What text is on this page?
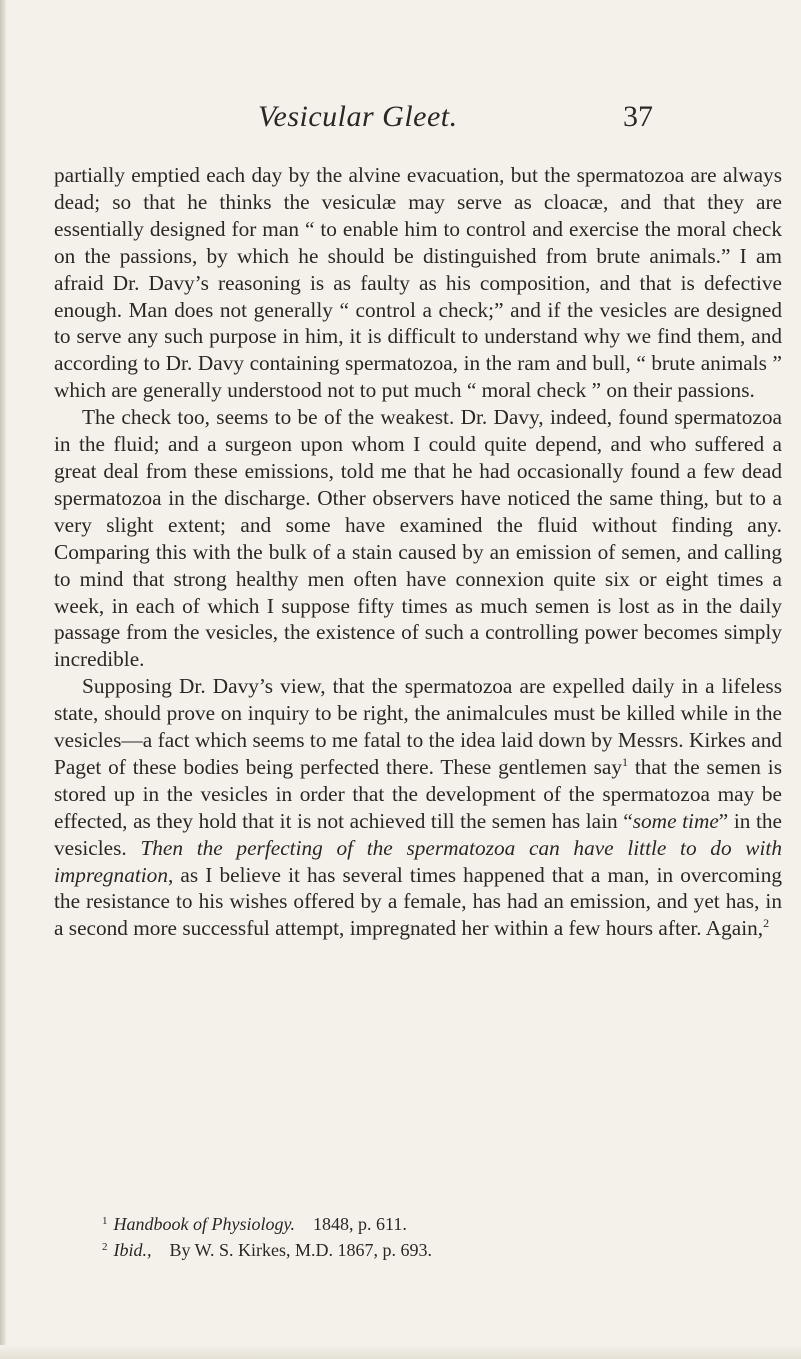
Vesicular Gleet.	37

partially emptied each day by the alvine evacuation, but the spermatozoa are always dead; so that he thinks the vesiculæ may serve as cloacæ, and that they are essentially designed for man “ to enable him to control and exercise the moral check on the passions, by which he should be distinguished from brute animals.” I am afraid Dr. Davy’s reasoning is as faulty as his composition, and that is defective enough. Man does not generally “ control a check;” and if the vesicles are designed to serve any such purpose in him, it is difficult to understand why we find them, and according to Dr. Davy containing spermatozoa, in the ram and bull, “ brute animals ” which are generally understood not to put much “ moral check ” on their passions.

The check too, seems to be of the weakest. Dr. Davy, indeed, found spermatozoa in the fluid; and a surgeon upon whom I could quite depend, and who suffered a great deal from these emissions, told me that he had occasionally found a few dead spermatozoa in the discharge. Other observers have noticed the same thing, but to a very slight extent; and some have examined the fluid without finding any. Comparing this with the bulk of a stain caused by an emission of semen, and calling to mind that strong healthy men often have connexion quite six or eight times a week, in each of which I suppose fifty times as much semen is lost as in the daily passage from the vesicles, the existence of such a controlling power becomes simply incredible.

Supposing Dr. Davy’s view, that the spermatozoa are expelled daily in a lifeless state, should prove on inquiry to be right, the animalcules must be killed while in the vesicles—a fact which seems to me fatal to the idea laid down by Messrs. Kirkes and Paget of these bodies being perfected there. These gentlemen say$^1$ that the semen is stored up in the vesicles in order that the development of the spermatozoa may be effected, as they hold that it is not achieved till the semen has lain “some time” in the vesicles. Then the perfecting of the spermatozoa can have little to do with impregnation, as I believe it has several times happened that a man, in overcoming the resistance to his wishes offered by a female, has had an emission, and yet has, in a second more successful attempt, impregnated her within a few hours after. Again,$^2$

$^1$ Handbook of Physiology.  1848, p. 611.

$^2$ Ibid.,  By W. S. Kirkes, M.D. 1867, p. 693.
